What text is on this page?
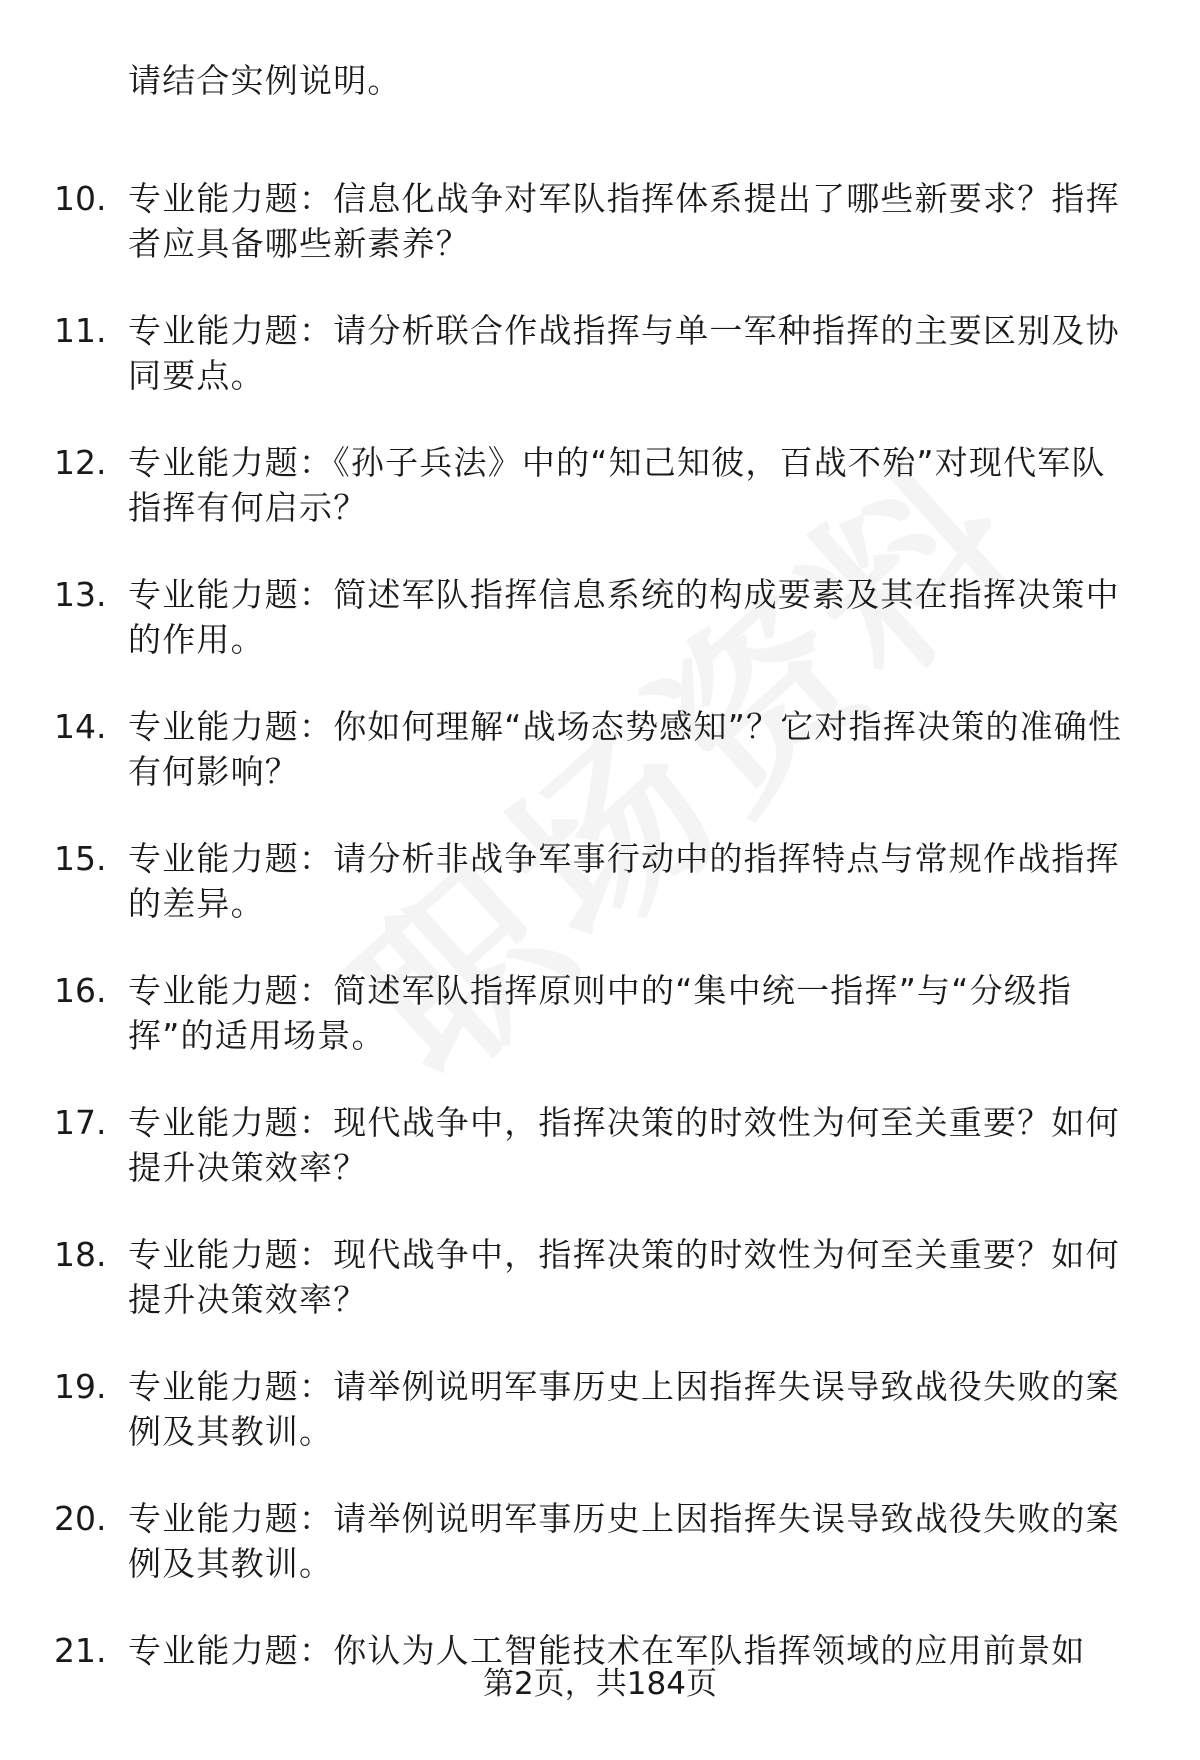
请结合实例说明。
10. 专业能力题：信息化战争对军队指挥体系提出了哪些新要求？指挥者应具备哪些新素养？
11. 专业能力题：请分析联合作战指挥与单一军种指挥的主要区别及协同要点。
12. 专业能力题：《孙子兵法》中的“知己知彼，百战不殆”对现代军队指挥有何启示？
13. 专业能力题：简述军队指挥信息系统的构成要素及其在指挥决策中的作用。
14. 专业能力题：你如何理解“战场态势感知”？它对指挥决策的准确性有何影响？
15. 专业能力题：请分析非战争军事行动中的指挥特点与常规作战指挥的差异。
16. 专业能力题：简述军队指挥原则中的“集中统一指挥”与“分级指挥”的适用场景。
17. 专业能力题：现代战争中，指挥决策的时效性为何至关重要？如何提升决策效率？
18. 专业能力题：现代战争中，指挥决策的时效性为何至关重要？如何提升决策效率？
19. 专业能力题：请举例说明军事历史上因指挥失误导致战役失败的案例及其教训。
20. 专业能力题：请举例说明军事历史上因指挥失误导致战役失败的案例及其教训。
21. 专业能力题：你认为人工智能技术在军队指挥领域的应用前景如
第2页，共184页
